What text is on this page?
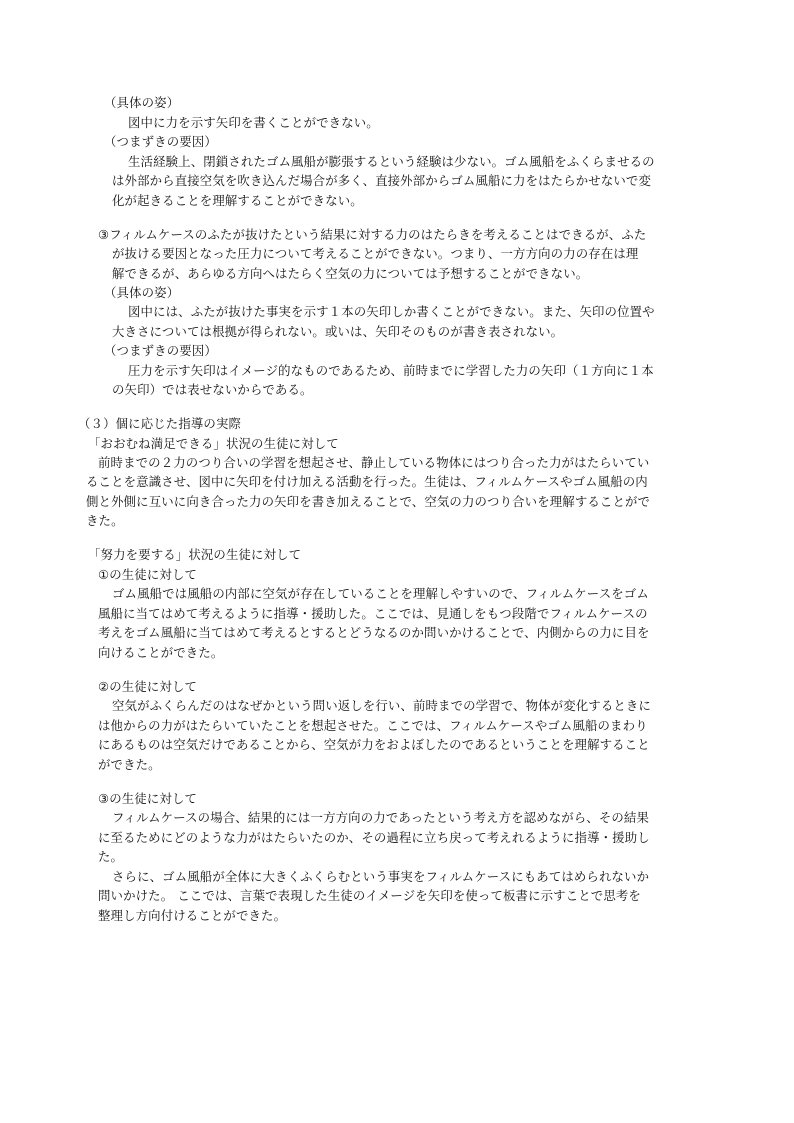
（具体の姿）
図中に力を示す矢印を書くことができない。
（つまずきの要因）
生活経験上、閉鎖されたゴム風船が膨張するという経験は少ない。ゴム風船をふくらませるの
は外部から直接空気を吹き込んだ場合が多く、直接外部からゴム風船に力をはたらかせないで変
化が起きることを理解することができない。
③フィルムケースのふたが抜けたという結果に対する力のはたらきを考えることはできるが、ふた
が抜ける要因となった圧力について考えることができない。つまり、一方方向の力の存在は理
解できるが、あらゆる方向へはたらく空気の力については予想することができない。
（具体の姿）
図中には、ふたが抜けた事実を示す１本の矢印しか書くことができない。また、矢印の位置や
大きさについては根拠が得られない。或いは、矢印そのものが書き表されない。
（つまずきの要因）
圧力を示す矢印はイメージ的なものであるため、前時までに学習した力の矢印（１方向に１本
の矢印）では表せないからである。
（３）個に応じた指導の実際
「おおむね満足できる」状況の生徒に対して
前時までの２力のつり合いの学習を想起させ、静止している物体にはつり合った力がはたらいてい
ることを意識させ、図中に矢印を付け加える活動を行った。生徒は、フィルムケースやゴム風船の内
側と外側に互いに向き合った力の矢印を書き加えることで、空気の力のつり合いを理解することがで
きた。
「努力を要する」状況の生徒に対して
①の生徒に対して
ゴム風船では風船の内部に空気が存在していることを理解しやすいので、フィルムケースをゴム
風船に当てはめて考えるように指導・援助した。ここでは、見通しをもつ段階でフィルムケースの
考えをゴム風船に当てはめて考えるとするとどうなるのか問いかけることで、内側からの力に目を
向けることができた。
②の生徒に対して
空気がふくらんだのはなぜかという問い返しを行い、前時までの学習で、物体が変化するときに
は他からの力がはたらいていたことを想起させた。ここでは、フィルムケースやゴム風船のまわり
にあるものは空気だけであることから、空気が力をおよぼしたのであるということを理解すること
ができた。
③の生徒に対して
フィルムケースの場合、結果的には一方方向の力であったという考え方を認めながら、その結果
に至るためにどのような力がはたらいたのか、その過程に立ち戻って考えれるように指導・援助し
た。
さらに、ゴム風船が全体に大きくふくらむという事実をフィルムケースにもあてはめられないか
問いかけた。 ここでは、言葉で表現した生徒のイメージを矢印を使って板書に示すことで思考を
整理し方向付けることができた。
